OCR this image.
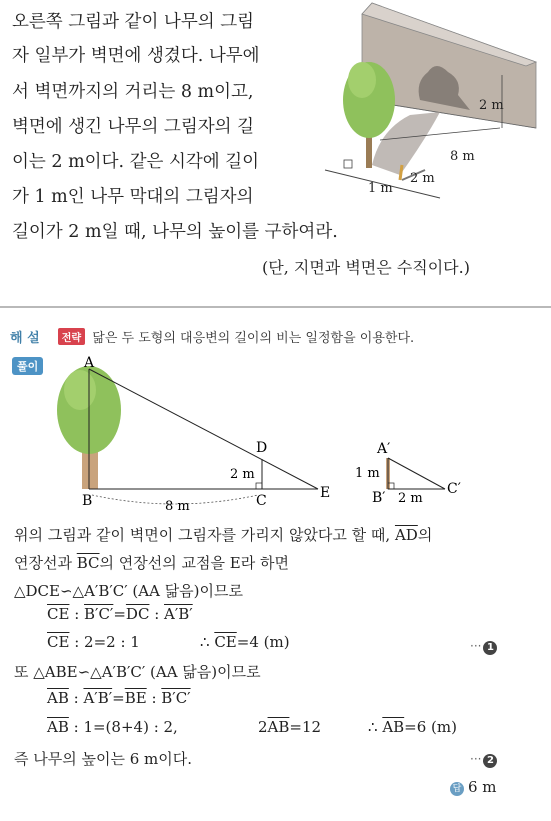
오른쪽 그림과 같이 나무의 그림
자 일부가 벽면에 생겼다. 나무에
서 벽면까지의 거리는 8 m이고,
벽면에 생긴 나무의 그림자의 길
이는 2 m이다. 같은 시각에 길이
가 1 m인 나무 막대의 그림자의
길이가 2 m일 때, 나무의 높이를 구하여라.
(단, 지면과 벽면은 수직이다.)
2 m
8 m
2 m
1 m
해 설 전략 닮은 두 도형의 대응변의 길이의 비는 일정함을 이용한다.
풀이	A
B	C
D
E
2 m
8 m
A′
B′
C′
1 m
2 m
위의 그림과 같이 벽면이 그림자를 가리지 않았다고 할 때, $\overline{AD}$의
연장선과 $\overline{BC}$의 연장선의 교점을 E라 하면
△DCE∽△A′B′C′ (AA 닮음)이므로
$\overline{CE}$ : $B'C'=\overline{DC}$ : A′B′
$\overline{CE}$ : 2=2 : 1	∴ $\overline{CE}=4$ (m)	··· 1
또 △ABE∽△A′B′C′ (AA 닮음)이므로
$\overline{AB}$ : $A'B'=\overline{BE}$ : B′C′
$\overline{AB}$ : 1=(8+4) : 2,	$2\overline{AB}=12$	∴ $\overline{AB}=6$ (m)
즉 나무의 높이는 6 m이다.	··· 2
답 6 m
